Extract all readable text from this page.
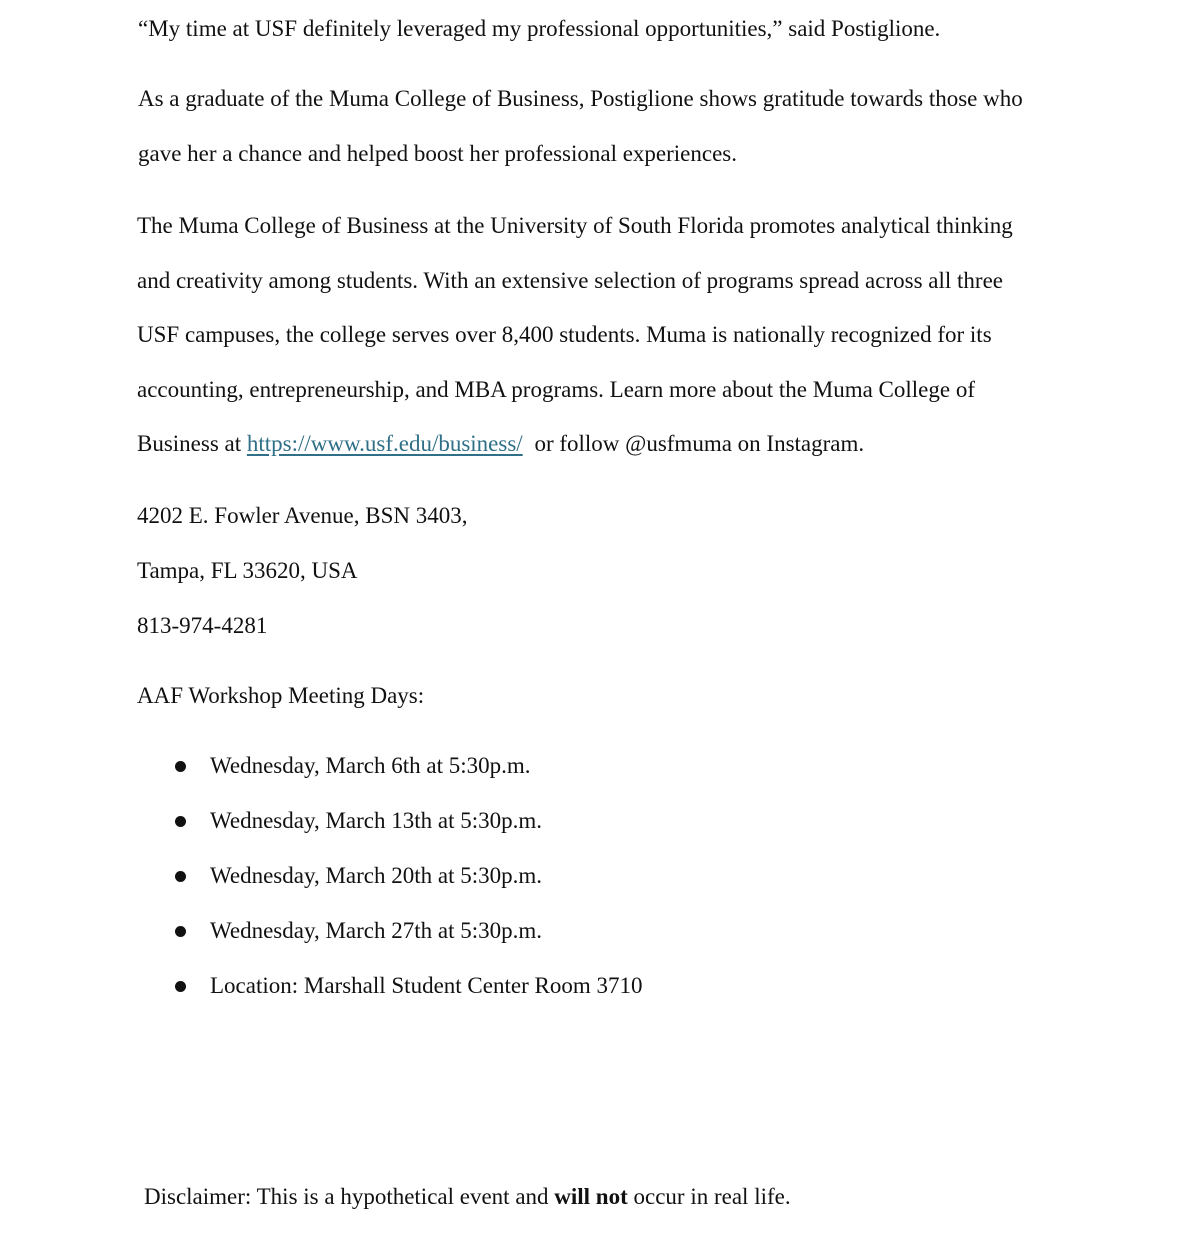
“My time at USF definitely leveraged my professional opportunities,” said Postiglione.
As a graduate of the Muma College of Business, Postiglione shows gratitude towards those who
gave her a chance and helped boost her professional experiences.
The Muma College of Business at the University of South Florida promotes analytical thinking
and creativity among students. With an extensive selection of programs spread across all three
USF campuses, the college serves over 8,400 students. Muma is nationally recognized for its
accounting, entrepreneurship, and MBA programs. Learn more about the Muma College of
Business at https://www.usf.edu/business/ or follow @usfmuma on Instagram.
4202 E. Fowler Avenue, BSN 3403,
Tampa, FL 33620, USA
813-974-4281
AAF Workshop Meeting Days:
Wednesday, March 6th at 5:30p.m.
Wednesday, March 13th at 5:30p.m.
Wednesday, March 20th at 5:30p.m.
Wednesday, March 27th at 5:30p.m.
Location: Marshall Student Center Room 3710
Disclaimer: This is a hypothetical event and will not occur in real life.
